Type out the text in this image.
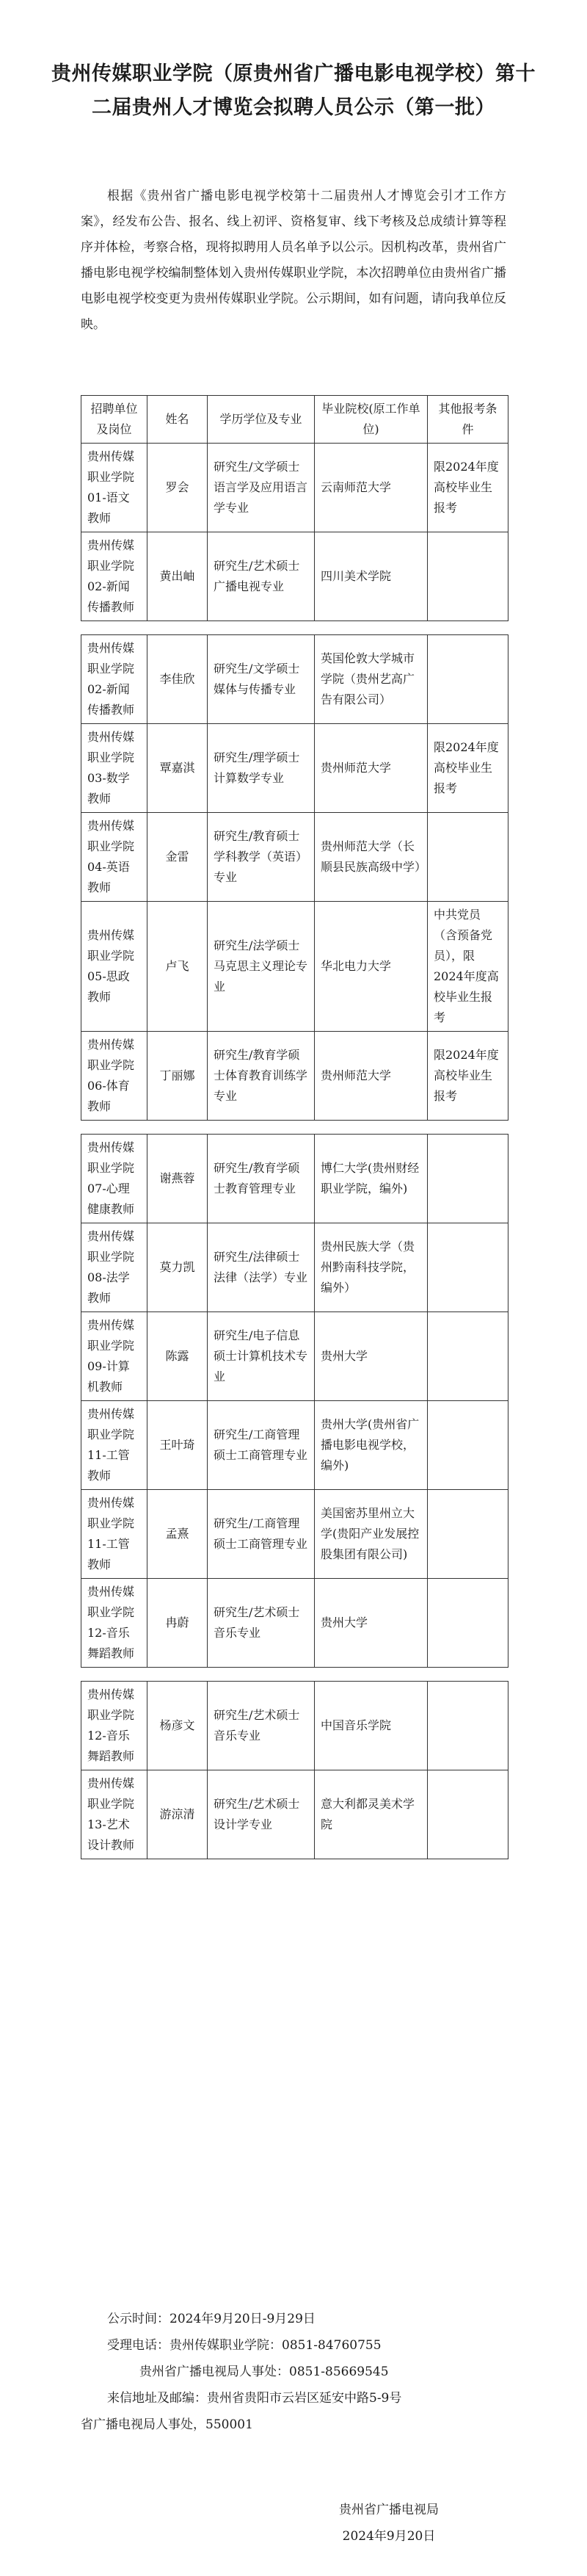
贵州传媒职业学院（原贵州省广播电影电视学校）第十二届贵州人才博览会拟聘人员公示（第一批）

根据《贵州省广播电影电视学校第十二届贵州人才博览会引才工作方案》，经发布公告、报名、线上初评、资格复审、线下考核及总成绩计算等程序并体检，考察合格，现将拟聘用人员名单予以公示。因机构改革，贵州省广播电影电视学校编制整体划入贵州传媒职业学院，本次招聘单位由贵州省广播电影电视学校变更为贵州传媒职业学院。公示期间，如有问题，请向我单位反映。

招聘单位及岗位	姓名	学历学位及专业	毕业院校(原工作单位)	其他报考条件
贵州传媒职业学院01-语文教师	罗会	研究生/文学硕士语言学及应用语言学专业	云南师范大学	限2024年度高校毕业生报考
贵州传媒职业学院02-新闻传播教师	黄出岫	研究生/艺术硕士广播电视专业	四川美术学院	

贵州传媒职业学院02-新闻传播教师	李佳欣	研究生/文学硕士媒体与传播专业	英国伦敦大学城市学院（贵州艺高广告有限公司）	
贵州传媒职业学院03-数学教师	覃嘉淇	研究生/理学硕士计算数学专业	贵州师范大学	限2024年度高校毕业生报考
贵州传媒职业学院04-英语教师	金雷	研究生/教育硕士学科教学（英语）专业	贵州师范大学（长顺县民族高级中学）	
贵州传媒职业学院05-思政教师	卢飞	研究生/法学硕士马克思主义理论专业	华北电力大学	中共党员（含预备党员），限2024年度高校毕业生报考
贵州传媒职业学院06-体育教师	丁丽娜	研究生/教育学硕士体育教育训练学专业	贵州师范大学	限2024年度高校毕业生报考

贵州传媒职业学院07-心理健康教师	谢燕蓉	研究生/教育学硕士教育管理专业	博仁大学(贵州财经职业学院，编外)	
贵州传媒职业学院08-法学教师	莫力凯	研究生/法律硕士法律（法学）专业	贵州民族大学（贵州黔南科技学院，编外）	
贵州传媒职业学院09-计算机教师	陈露	研究生/电子信息硕士计算机技术专业	贵州大学	
贵州传媒职业学院11-工管教师	王叶琦	研究生/工商管理硕士工商管理专业	贵州大学(贵州省广播电影电视学校，编外)	
贵州传媒职业学院11-工管教师	孟熹	研究生/工商管理硕士工商管理专业	美国密苏里州立大学(贵阳产业发展控股集团有限公司)	
贵州传媒职业学院12-音乐舞蹈教师	冉蔚	研究生/艺术硕士音乐专业	贵州大学	

贵州传媒职业学院12-音乐舞蹈教师	杨彦文	研究生/艺术硕士音乐专业	中国音乐学院	
贵州传媒职业学院13-艺术设计教师	游涼清	研究生/艺术硕士设计学专业	意大利都灵美术学院	
公示时间：2024年9月20日-9月29日
受理电话：贵州传媒职业学院：0851-84760755
贵州省广播电视局人事处：0851-85669545
来信地址及邮编：贵州省贵阳市云岩区延安中路5-9号
省广播电视局人事处，550001
贵州省广播电视局
2024年9月20日
